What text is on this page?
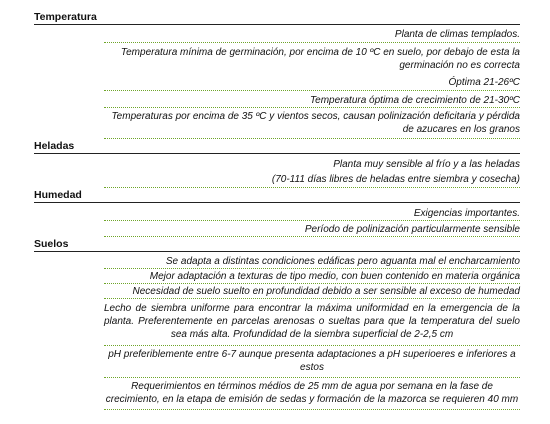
Temperatura
Planta de climas templados.
Temperatura mínima de germinación, por encima de 10 ºC en suelo, por debajo de esta la germinación no es correcta
Óptima 21-26ºC
Temperatura óptima de crecimiento de 21-30ºC
Temperaturas por encima de 35 ºC y vientos secos, causan polinización deficitaria y pérdida de azucares en los granos
Heladas
Planta muy sensible al frío y a las heladas
(70-111 días libres de heladas entre siembra y cosecha)
Humedad
Exigencias importantes.
Período de polinización particularmente sensible
Suelos
Se adapta a distintas condiciones edáficas pero aguanta mal el encharcamiento
Mejor adaptación a texturas de tipo medio, con buen contenido en materia orgánica
Necesidad de suelo suelto en profundidad debido a ser sensible al exceso de humedad
Lecho de siembra uniforme para encontrar la máxima uniformidad en la emergencia de la planta. Preferentemente en parcelas arenosas o sueltas para que la temperatura del suelo sea más alta. Profundidad de la siembra superficial de 2-2,5 cm
pH preferiblemente entre 6-7 aunque presenta adaptaciones a pH superioeres e inferiores a estos
Requerimientos en términos médios de 25 mm de agua por semana en la fase de crecimiento, en la etapa de emisión de sedas y formación de la mazorca se requieren 40 mm
